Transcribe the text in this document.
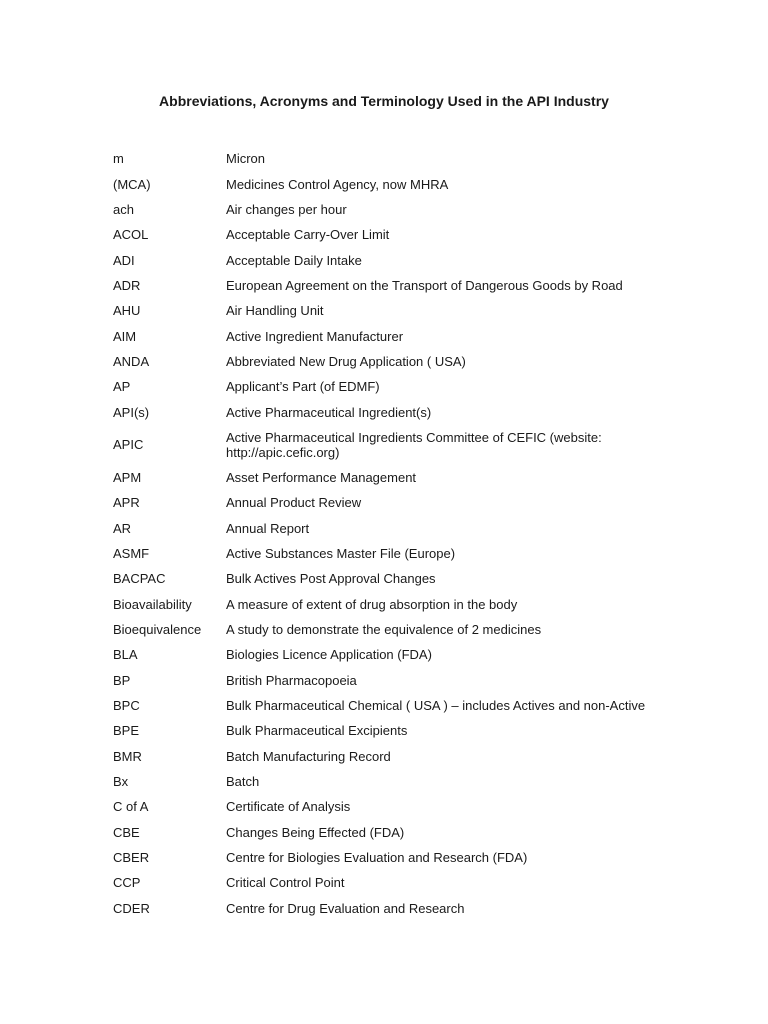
Abbreviations, Acronyms and Terminology Used in the API Industry
m	Micron
(MCA)	Medicines Control Agency, now MHRA
ach	Air changes per hour
ACOL	Acceptable Carry-Over Limit
ADI	Acceptable Daily Intake
ADR	European Agreement on the Transport of Dangerous Goods by Road
AHU	Air Handling Unit
AIM	Active Ingredient Manufacturer
ANDA	Abbreviated New Drug Application ( USA)
AP	Applicant’s Part (of EDMF)
API(s)	Active Pharmaceutical Ingredient(s)
APIC	Active Pharmaceutical Ingredients Committee of CEFIC (website: http://apic.cefic.org)
APM	Asset Performance Management
APR	Annual Product Review
AR	Annual Report
ASMF	Active Substances Master File (Europe)
BACPAC	Bulk Actives Post Approval Changes
Bioavailability	A measure of extent of drug absorption in the body
Bioequivalence	A study to demonstrate the equivalence of 2 medicines
BLA	Biologies Licence Application (FDA)
BP	British Pharmacopoeia
BPC	Bulk Pharmaceutical Chemical ( USA ) – includes Actives and non-Active
BPE	Bulk Pharmaceutical Excipients
BMR	Batch Manufacturing Record
Bx	Batch
C of A	Certificate of Analysis
CBE	Changes Being Effected (FDA)
CBER	Centre for Biologies Evaluation and Research (FDA)
CCP	Critical Control Point
CDER	Centre for Drug Evaluation and Research
